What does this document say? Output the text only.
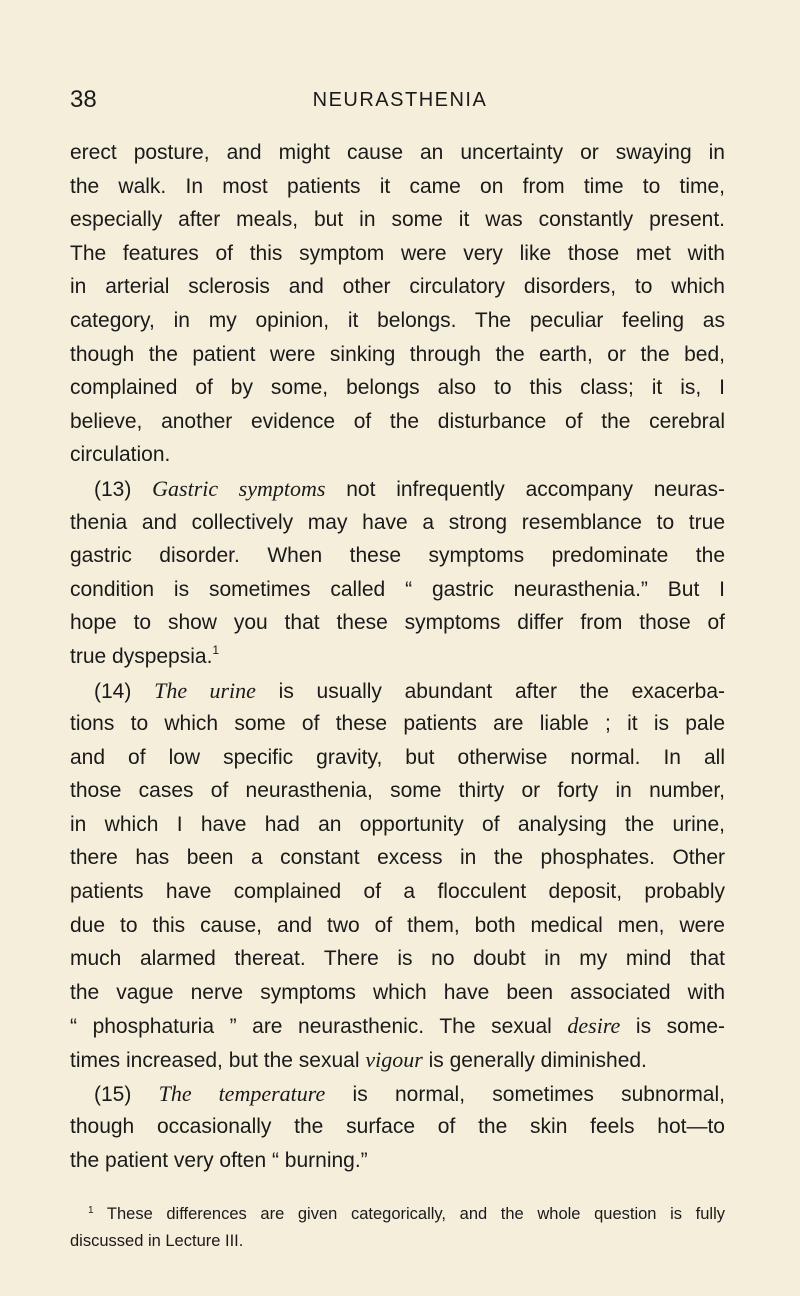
38	NEURASTHENIA
erect posture, and might cause an uncertainty or swaying in
the walk. In most patients it came on from time to time,
especially after meals, but in some it was constantly present.
The features of this symptom were very like those met with
in arterial sclerosis and other circulatory disorders, to which
category, in my opinion, it belongs. The peculiar feeling as
though the patient were sinking through the earth, or the bed,
complained of by some, belongs also to this class; it is, I
believe, another evidence of the disturbance of the cerebral
circulation.
(13) Gastric symptoms not infrequently accompany neuras-
thenia and collectively may have a strong resemblance to true
gastric disorder. When these symptoms predominate the
condition is sometimes called “ gastric neurasthenia.” But I
hope to show you that these symptoms differ from those of
true dyspepsia.$^1$
(14) The urine is usually abundant after the exacerba-
tions to which some of these patients are liable ; it is pale
and of low specific gravity, but otherwise normal. In all
those cases of neurasthenia, some thirty or forty in number,
in which I have had an opportunity of analysing the urine,
there has been a constant excess in the phosphates. Other
patients have complained of a flocculent deposit, probably
due to this cause, and two of them, both medical men, were
much alarmed thereat. There is no doubt in my mind that
the vague nerve symptoms which have been associated with
“ phosphaturia ” are neurasthenic. The sexual desire is some-
times increased, but the sexual vigour is generally diminished.
(15) The temperature is normal, sometimes subnormal,
though occasionally the surface of the skin feels hot—to
the patient very often “ burning.”
$^1$ These differences are given categorically, and the whole question is fully
discussed in Lecture III.
